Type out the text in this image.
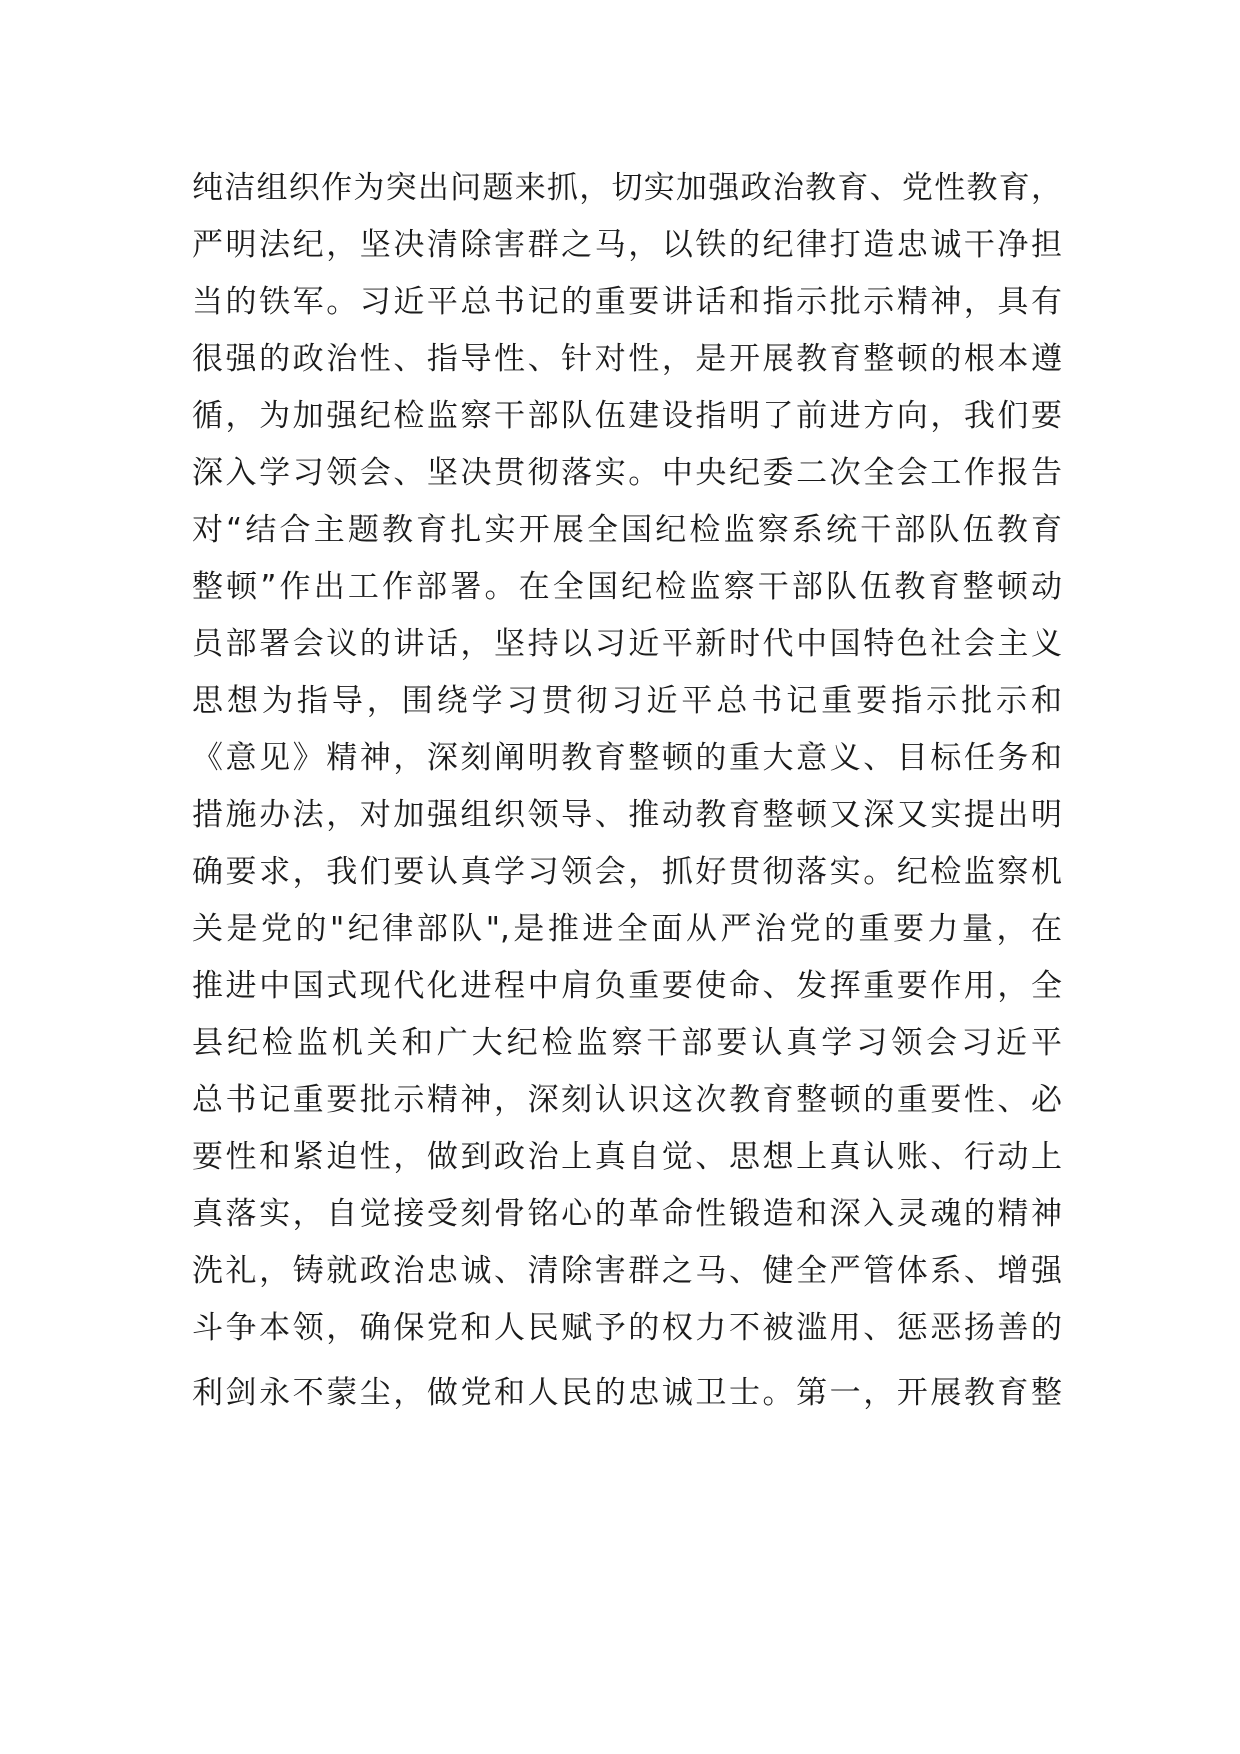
纯洁组织作为突出问题来抓，切实加强政治教育、党性教育，
严明法纪，坚决清除害群之马，以铁的纪律打造忠诚干净担
当的铁军。习近平总书记的重要讲话和指示批示精神，具有
很强的政治性、指导性、针对性，是开展教育整顿的根本遵
循，为加强纪检监察干部队伍建设指明了前进方向，我们要
深入学习领会、坚决贯彻落实。中央纪委二次全会工作报告
对“结合主题教育扎实开展全国纪检监察系统干部队伍教育
整顿”作出工作部署。在全国纪检监察干部队伍教育整顿动
员部署会议的讲话，坚持以习近平新时代中国特色社会主义
思想为指导，围绕学习贯彻习近平总书记重要指示批示和
《意见》精神，深刻阐明教育整顿的重大意义、目标任务和
措施办法，对加强组织领导、推动教育整顿又深又实提出明
确要求，我们要认真学习领会，抓好贯彻落实。纪检监察机
关是党的"纪律部队",是推进全面从严治党的重要力量，在
推进中国式现代化进程中肩负重要使命、发挥重要作用，全
县纪检监机关和广大纪检监察干部要认真学习领会习近平
总书记重要批示精神，深刻认识这次教育整顿的重要性、必
要性和紧迫性，做到政治上真自觉、思想上真认账、行动上
真落实，自觉接受刻骨铭心的革命性锻造和深入灵魂的精神
洗礼，铸就政治忠诚、清除害群之马、健全严管体系、增强
斗争本领，确保党和人民赋予的权力不被滥用、惩恶扬善的
利剑永不蒙尘，做党和人民的忠诚卫士。第一，开展教育整
